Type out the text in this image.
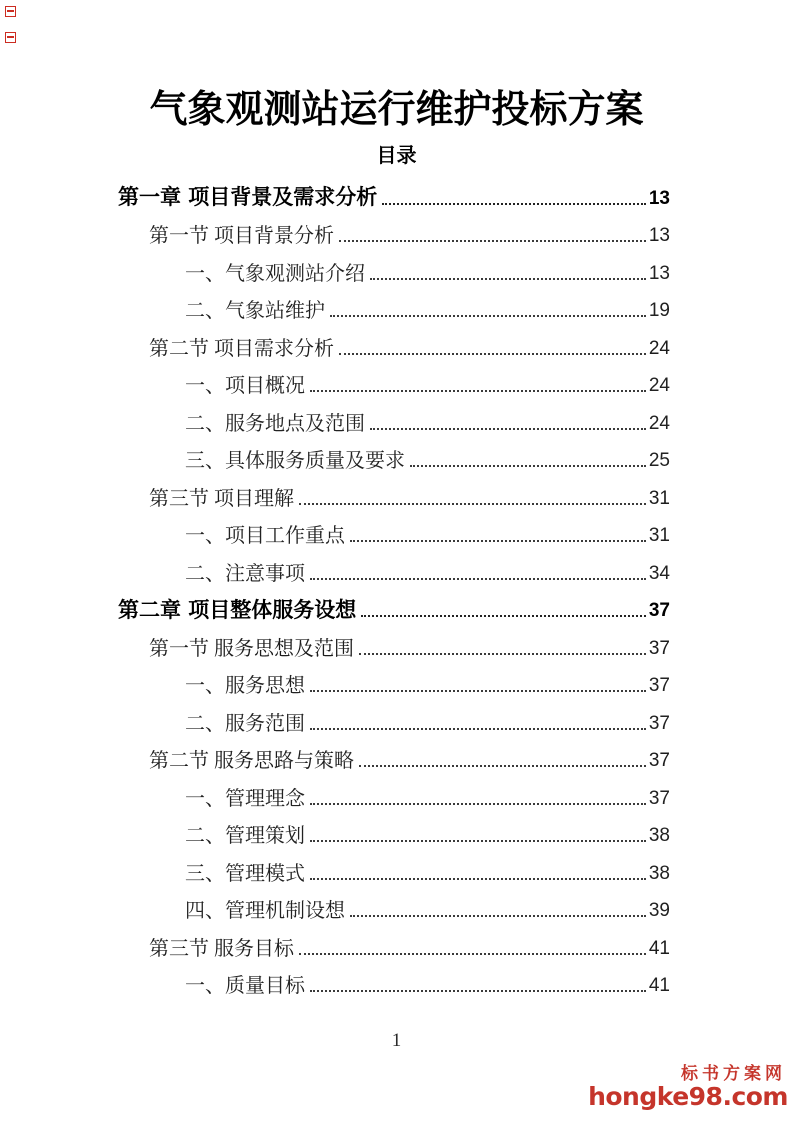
气象观测站运行维护投标方案
目录
第一章 项目背景及需求分析	13
第一节 项目背景分析	13
一、气象观测站介绍	13
二、气象站维护	19
第二节 项目需求分析	24
一、项目概况	24
二、服务地点及范围	24
三、具体服务质量及要求	25
第三节 项目理解	31
一、项目工作重点	31
二、注意事项	34
第二章 项目整体服务设想	37
第一节 服务思想及范围	37
一、服务思想	37
二、服务范围	37
第二节 服务思路与策略	37
一、管理理念	37
二、管理策划	38
三、管理模式	38
四、管理机制设想	39
第三节 服务目标	41
一、质量目标	41
1
标书方案网
hongke98.com
